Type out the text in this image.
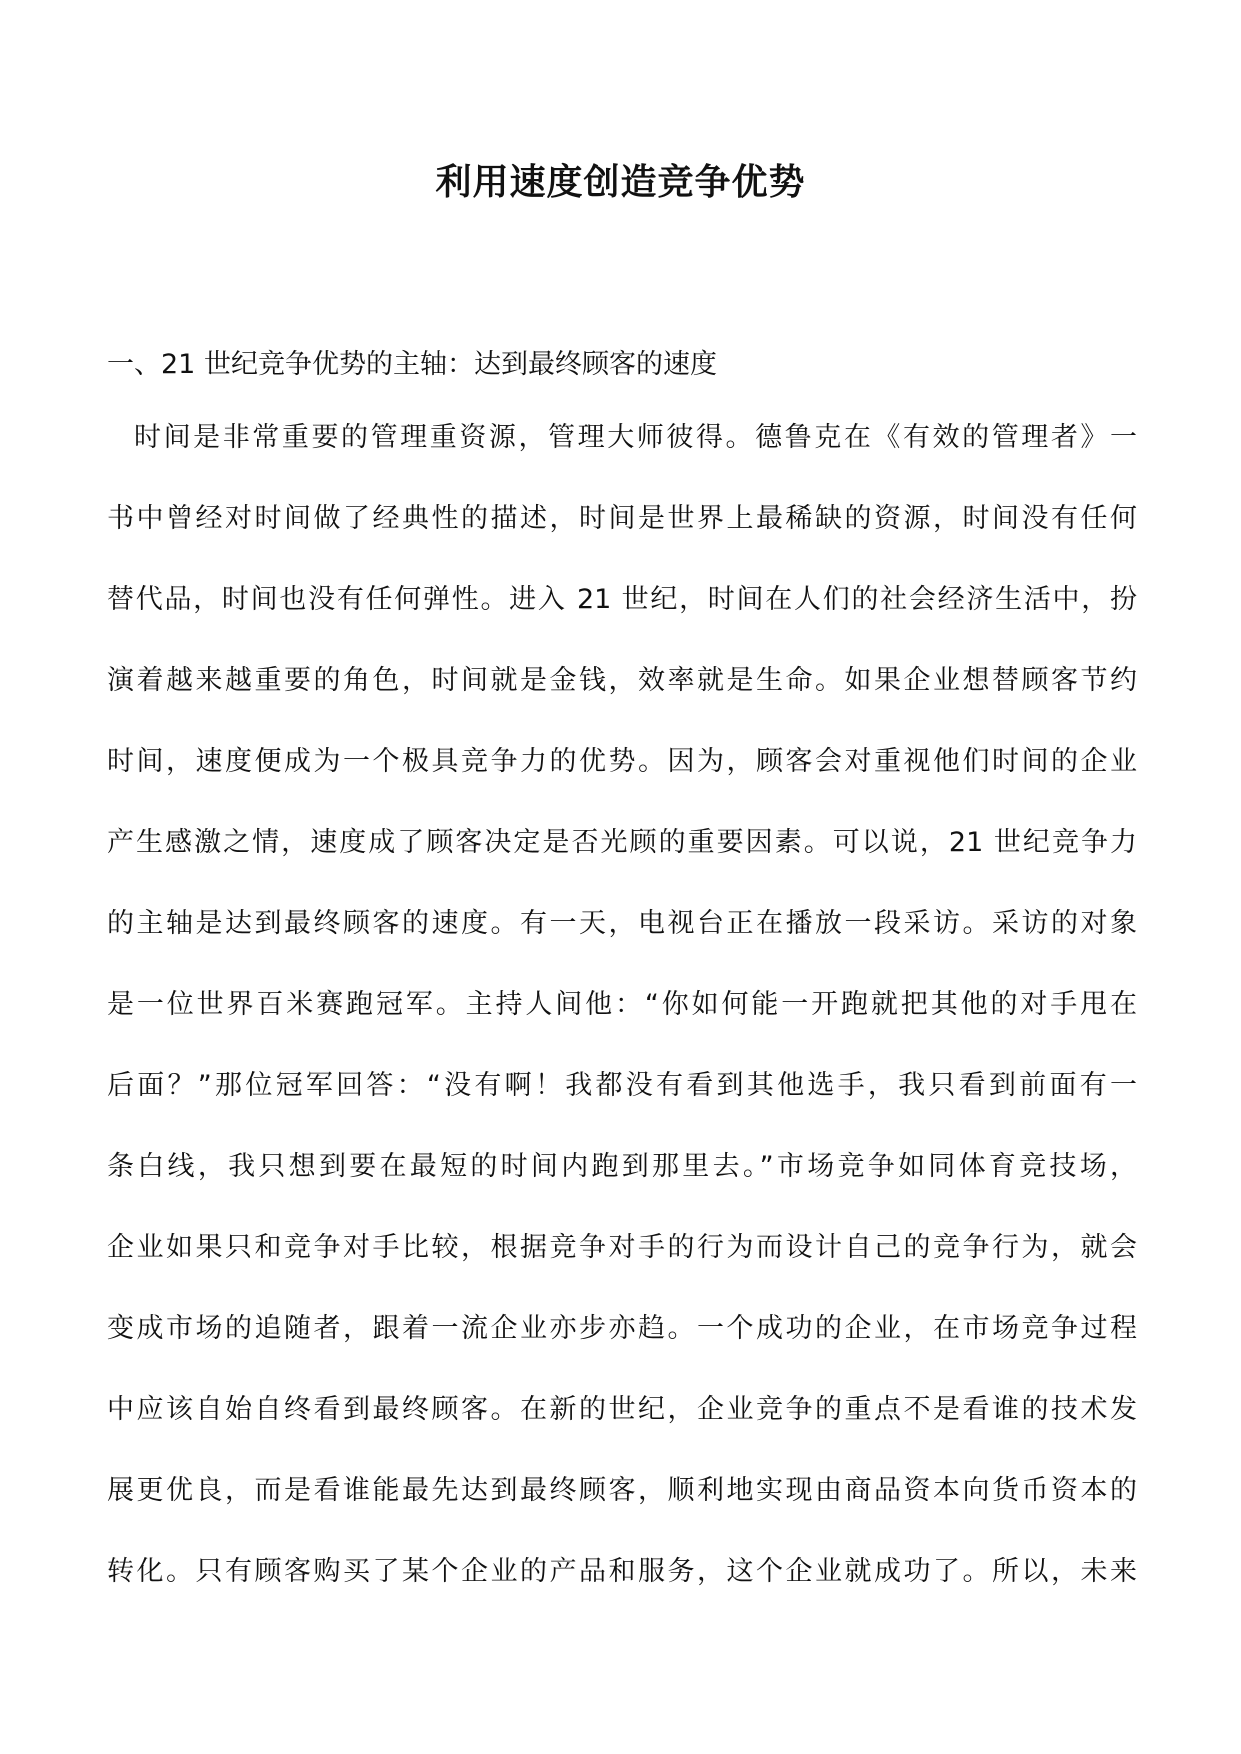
利用速度创造竞争优势
一、21 世纪竞争优势的主轴：达到最终顾客的速度
时间是非常重要的管理重资源，管理大师彼得。德鲁克在《有效的管理者》一
书中曾经对时间做了经典性的描述，时间是世界上最稀缺的资源，时间没有任何
替代品，时间也没有任何弹性。进入 21 世纪，时间在人们的社会经济生活中，扮
演着越来越重要的角色，时间就是金钱，效率就是生命。如果企业想替顾客节约
时间，速度便成为一个极具竞争力的优势。因为，顾客会对重视他们时间的企业
产生感激之情，速度成了顾客决定是否光顾的重要因素。可以说，21 世纪竞争力
的主轴是达到最终顾客的速度。有一天，电视台正在播放一段采访。采访的对象
是一位世界百米赛跑冠军。主持人间他：“你如何能一开跑就把其他的对手甩在
后面？”那位冠军回答：“没有啊！我都没有看到其他选手，我只看到前面有一
条白线，我只想到要在最短的时间内跑到那里去。”市场竞争如同体育竞技场，
企业如果只和竞争对手比较，根据竞争对手的行为而设计自己的竞争行为，就会
变成市场的追随者，跟着一流企业亦步亦趋。一个成功的企业，在市场竞争过程
中应该自始自终看到最终顾客。在新的世纪，企业竞争的重点不是看谁的技术发
展更优良，而是看谁能最先达到最终顾客，顺利地实现由商品资本向货币资本的
转化。只有顾客购买了某个企业的产品和服务，这个企业就成功了。所以，未来
